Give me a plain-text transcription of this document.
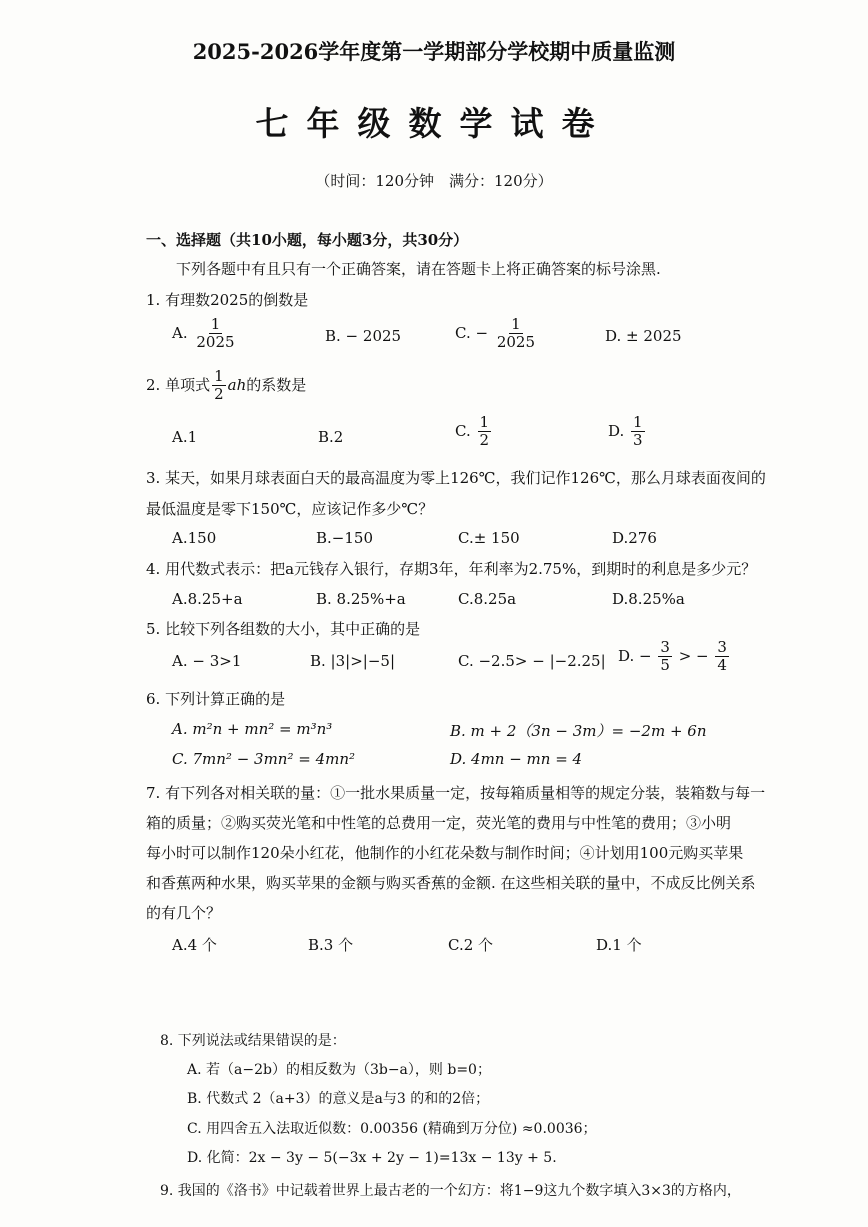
2025-2026学年度第一学期部分学校期中质量监测
七年级数学试卷
（时间：120分钟　满分：120分）
一、选择题（共10小题，每小题3分，共30分）
下列各题中有且只有一个正确答案，请在答题卡上将正确答案的标号涂黑.
1. 有理数2025的倒数是
A. $\frac{1}{2025}$	B. − 2025	C. − $\frac{1}{2025}$	D. ± 2025
2. 单项式 $\frac{1}{2}$ ah的系数是
A.1	B.2	C. $\frac{1}{2}$	D. $\frac{1}{3}$
3. 某天，如果月球表面白天的最高温度为零上126℃，我们记作126℃，那么月球表面夜间的
最低温度是零下150℃，应该记作多少℃？
A.150	B.−150	C.± 150	D.276
4. 用代数式表示：把a元钱存入银行，存期3年，年利率为2.75%，到期时的利息是多少元？
A.8.25+a	B. 8.25%+a	C.8.25a	D.8.25%a
5. 比较下列各组数的大小，其中正确的是
A. − 3>1	B. |3|>|−5|	C. −2.5> − |−2.25| D. − $\frac{3}{5}$ > − $\frac{3}{4}$
6. 下列计算正确的是
A. m²n + mn² = m³n³	B. m + 2（3n − 3m）= −2m + 6n
C. 7mn² − 3mn² = 4mn²	D. 4mn − mn = 4
7. 有下列各对相关联的量：①一批水果质量一定，按每箱质量相等的规定分装，装箱数与每一
箱的质量；②购买荧光笔和中性笔的总费用一定，荧光笔的费用与中性笔的费用；③小明
每小时可以制作120朵小红花，他制作的小红花朵数与制作时间；④计划用100元购买苹果
和香蕉两种水果，购买苹果的金额与购买香蕉的金额. 在这些相关联的量中，不成反比例关系
的有几个？
A.4 个	B.3 个	C.2 个	D.1 个
8. 下列说法或结果错误的是：
A. 若（a−2b）的相反数为（3b−a），则 b=0；
B. 代数式 2（a+3）的意义是a与3 的和的2倍；
C. 用四舍五入法取近似数：0.00356 (精确到万分位) ≈0.0036；
D. 化简：2x − 3y − 5(−3x + 2y − 1)=13x − 13y + 5.
9. 我国的《洛书》中记载着世界上最古老的一个幻方：将1−9这九个数字填入3×3的方格内，
